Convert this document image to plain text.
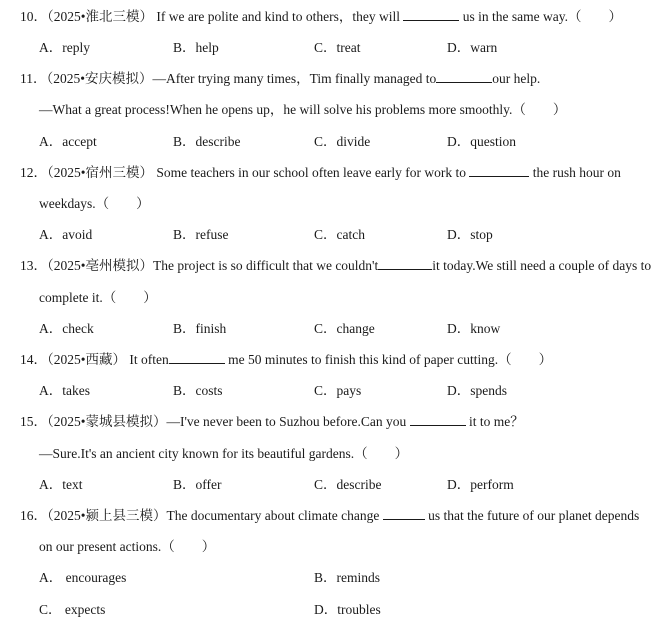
10．（2025•淮北三模） If we are polite and kind to others，they will	us in the same way.（　　）
A．reply	B．help	C．treat	D．warn
11．（2025•安庆模拟）—After trying many times，Tim finally managed to	our help.
—What a great process!When he opens up，he will solve his problems more smoothly.（　　）
A．accept	B．describe	C．divide	D．question
12．（2025•宿州三模） Some teachers in our school often leave early for work to	the rush hour on
weekdays.（　　）
A．avoid	B．refuse	C．catch	D．stop
13．（2025•亳州模拟）The project is so difficult that we couldn't	it today.We still need a couple of days to
complete it.（　　）
A．check	B．finish	C．change	D．know
14．（2025•西藏） It often	me 50 minutes to finish this kind of paper cutting.（　　）
A．takes	B．costs	C．pays	D．spends
15．（2025•蒙城县模拟）—I've never been to Suzhou before.Can you	it to me？
—Sure.It's an ancient city known for its beautiful gardens.（　　）
A．text	B．offer	C．describe	D．perform
16．（2025•颍上县三模）The documentary about climate change	us that the future of our planet depends
on our present actions.（　　）
A． encourages	B．reminds
C． expects	D．troubles
